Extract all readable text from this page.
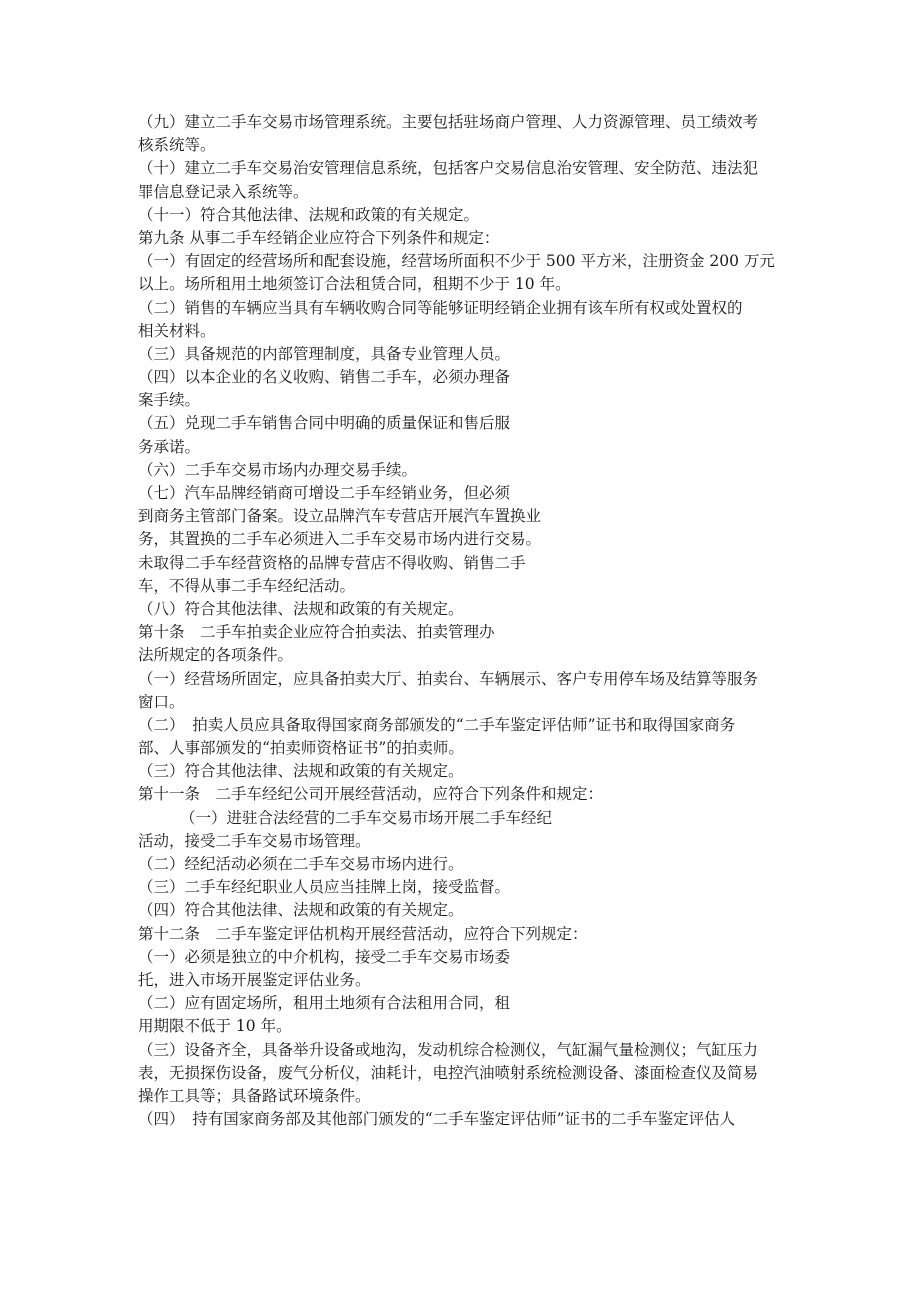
（九）建立二手车交易市场管理系统。主要包括驻场商户管理、人力资源管理、员工绩效考
核系统等。
（十）建立二手车交易治安管理信息系统，包括客户交易信息治安管理、安全防范、违法犯
罪信息登记录入系统等。
（十一）符合其他法律、法规和政策的有关规定。
第九条 从事二手车经销企业应符合下列条件和规定：
（一）有固定的经营场所和配套设施，经营场所面积不少于 500 平方米，注册资金 200 万元
以上。场所租用土地须签订合法租赁合同，租期不少于 10 年。
（二）销售的车辆应当具有车辆收购合同等能够证明经销企业拥有该车所有权或处置权的
相关材料。
（三）具备规范的内部管理制度，具备专业管理人员。
（四）以本企业的名义收购、销售二手车，必须办理备
案手续。
（五）兑现二手车销售合同中明确的质量保证和售后服
务承诺。
（六）二手车交易市场内办理交易手续。
（七）汽车品牌经销商可增设二手车经销业务，但必须
到商务主管部门备案。设立品牌汽车专营店开展汽车置换业
务，其置换的二手车必须进入二手车交易市场内进行交易。
未取得二手车经营资格的品牌专营店不得收购、销售二手
车，不得从事二手车经纪活动。
（八）符合其他法律、法规和政策的有关规定。
第十条　二手车拍卖企业应符合拍卖法、拍卖管理办
法所规定的各项条件。
（一）经营场所固定，应具备拍卖大厅、拍卖台、车辆展示、客户专用停车场及结算等服务
窗口。
（二）　拍卖人员应具备取得国家商务部颁发的“二手车鉴定评估师”证书和取得国家商务
部、人事部颁发的“拍卖师资格证书”的拍卖师。
（三）符合其他法律、法规和政策的有关规定。
第十一条　二手车经纪公司开展经营活动，应符合下列条件和规定：
（一）进驻合法经营的二手车交易市场开展二手车经纪
活动，接受二手车交易市场管理。
（二）经纪活动必须在二手车交易市场内进行。
（三）二手车经纪职业人员应当挂牌上岗，接受监督。
（四）符合其他法律、法规和政策的有关规定。
第十二条　二手车鉴定评估机构开展经营活动，应符合下列规定：
（一）必须是独立的中介机构，接受二手车交易市场委
托，进入市场开展鉴定评估业务。
（二）应有固定场所，租用土地须有合法租用合同，租
用期限不低于 10 年。
（三）设备齐全，具备举升设备或地沟，发动机综合检测仪，气缸漏气量检测仪；气缸压力
表，无损探伤设备，废气分析仪，油耗计，电控汽油喷射系统检测设备、漆面检查仪及简易
操作工具等；具备路试环境条件。
（四）　持有国家商务部及其他部门颁发的“二手车鉴定评估师”证书的二手车鉴定评估人
